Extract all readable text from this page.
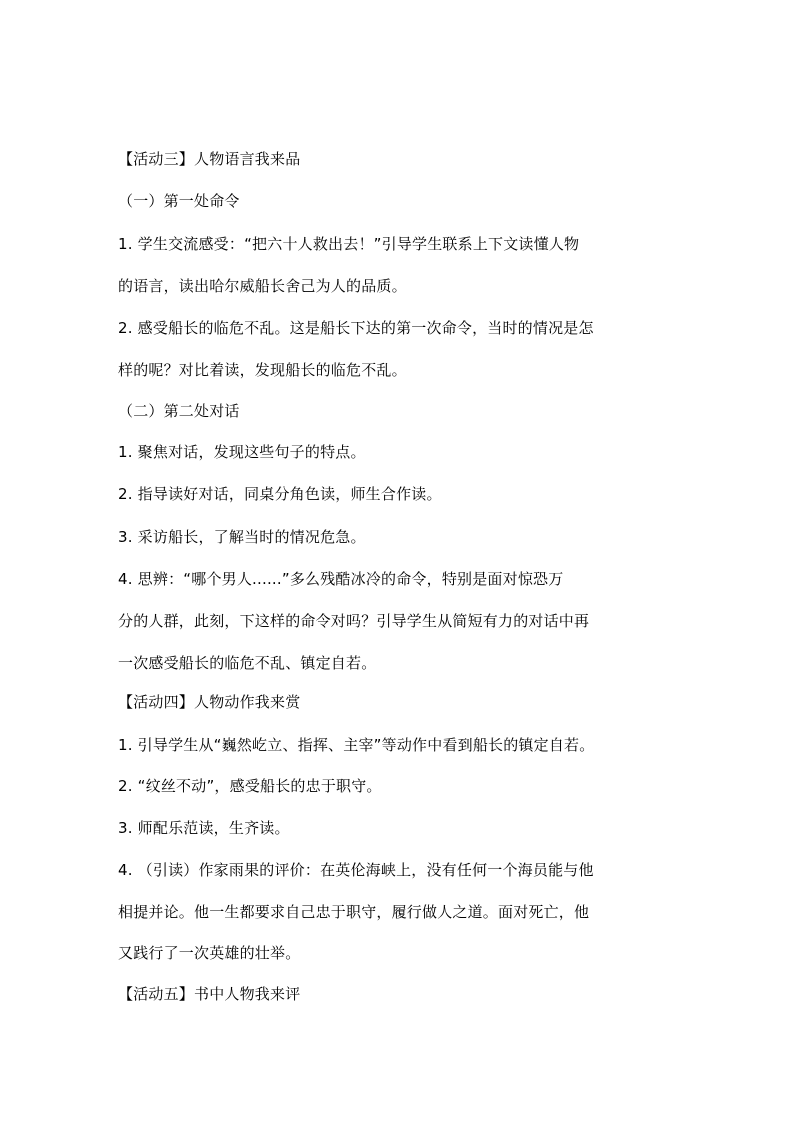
【活动三】人物语言我来品
（一）第一处命令
1. 学生交流感受：“把六十人救出去！”引导学生联系上下文读懂人物
的语言，读出哈尔威船长舍己为人的品质。
2. 感受船长的临危不乱。这是船长下达的第一次命令，当时的情况是怎
样的呢？对比着读，发现船长的临危不乱。
（二）第二处对话
1. 聚焦对话，发现这些句子的特点。
2. 指导读好对话，同桌分角色读，师生合作读。
3. 采访船长，了解当时的情况危急。
4. 思辨：“哪个男人......”多么残酷冰冷的命令，特别是面对惊恐万
分的人群，此刻，下这样的命令对吗？引导学生从简短有力的对话中再
一次感受船长的临危不乱、镇定自若。
【活动四】人物动作我来赏
1. 引导学生从“巍然屹立、指挥、主宰”等动作中看到船长的镇定自若。
2. “纹丝不动”，感受船长的忠于职守。
3. 师配乐范读，生齐读。
4. （引读）作家雨果的评价：在英伦海峡上，没有任何一个海员能与他
相提并论。他一生都要求自己忠于职守，履行做人之道。面对死亡，他
又践行了一次英雄的壮举。
【活动五】书中人物我来评
